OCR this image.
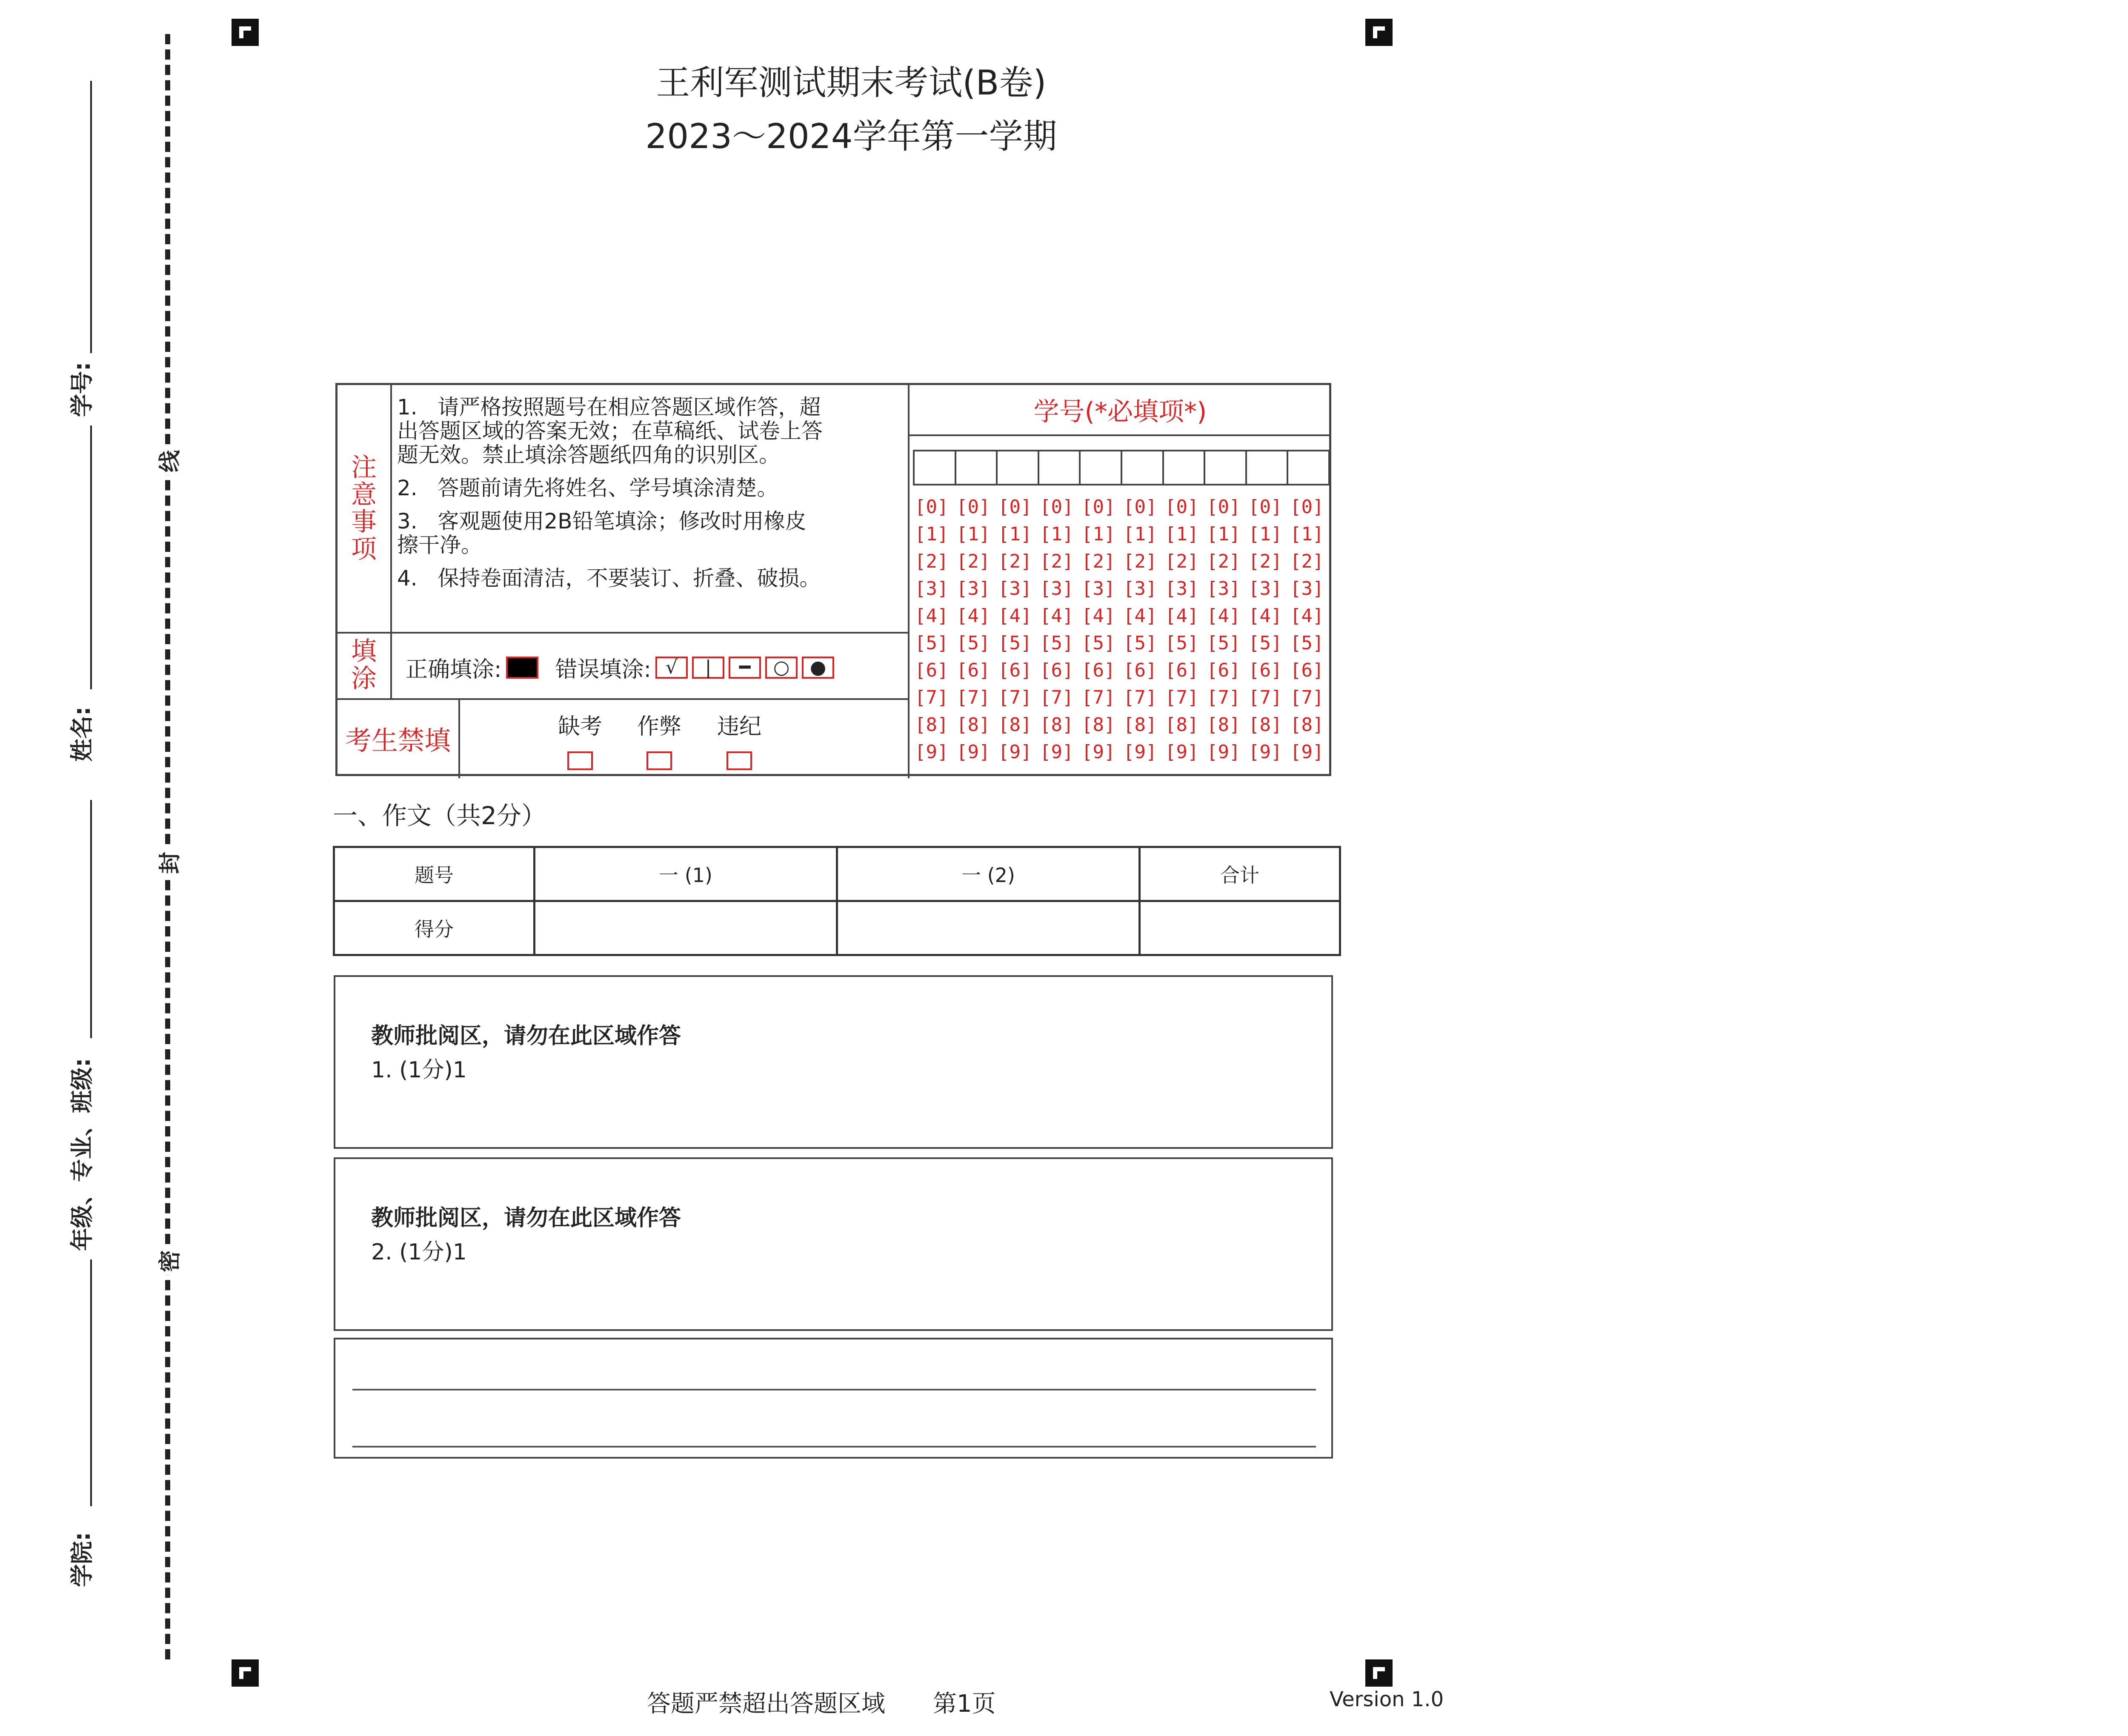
线
封
密
学号:
姓名:
年级、专业、班级:
学院:
王利军测试期末考试(B卷)
2023～2024学年第一学期
注
意
事
项

1.   请严格按照题号在相应答题区域作答，超出答题区域的答案无效；在草稿纸、试卷上答题无效。禁止填涂答题纸四角的识别区。

2.   答题前请先将姓名、学号填涂清楚。

3.   客观题使用2B铅笔填涂；修改时用橡皮擦干净。

4.   保持卷面清洁，不要装订、折叠、破损。

填
涂 正确填涂: 错误填涂: √	|	━	○	●
考生禁填	缺考 作弊 违纪
学号(*必填项*)
[0] [0] [0] [0] [0] [0] [0] [0] [0] [0]
[1] [1] [1] [1] [1] [1] [1] [1] [1] [1]
[2] [2] [2] [2] [2] [2] [2] [2] [2] [2]
[3] [3] [3] [3] [3] [3] [3] [3] [3] [3]
[4] [4] [4] [4] [4] [4] [4] [4] [4] [4]
[5] [5] [5] [5] [5] [5] [5] [5] [5] [5]
[6] [6] [6] [6] [6] [6] [6] [6] [6] [6]
[7] [7] [7] [7] [7] [7] [7] [7] [7] [7]
[8] [8] [8] [8] [8] [8] [8] [8] [8] [8]
[9] [9] [9] [9] [9] [9] [9] [9] [9] [9]
一、作文（共2分）
题号	一 (1)	一 (2)	合计
得分			
教师批阅区，请勿在此区域作答
1. (1分)1
教师批阅区，请勿在此区域作答
2. (1分)1
答题严禁超出答题区域 第1页	Version 1.0
